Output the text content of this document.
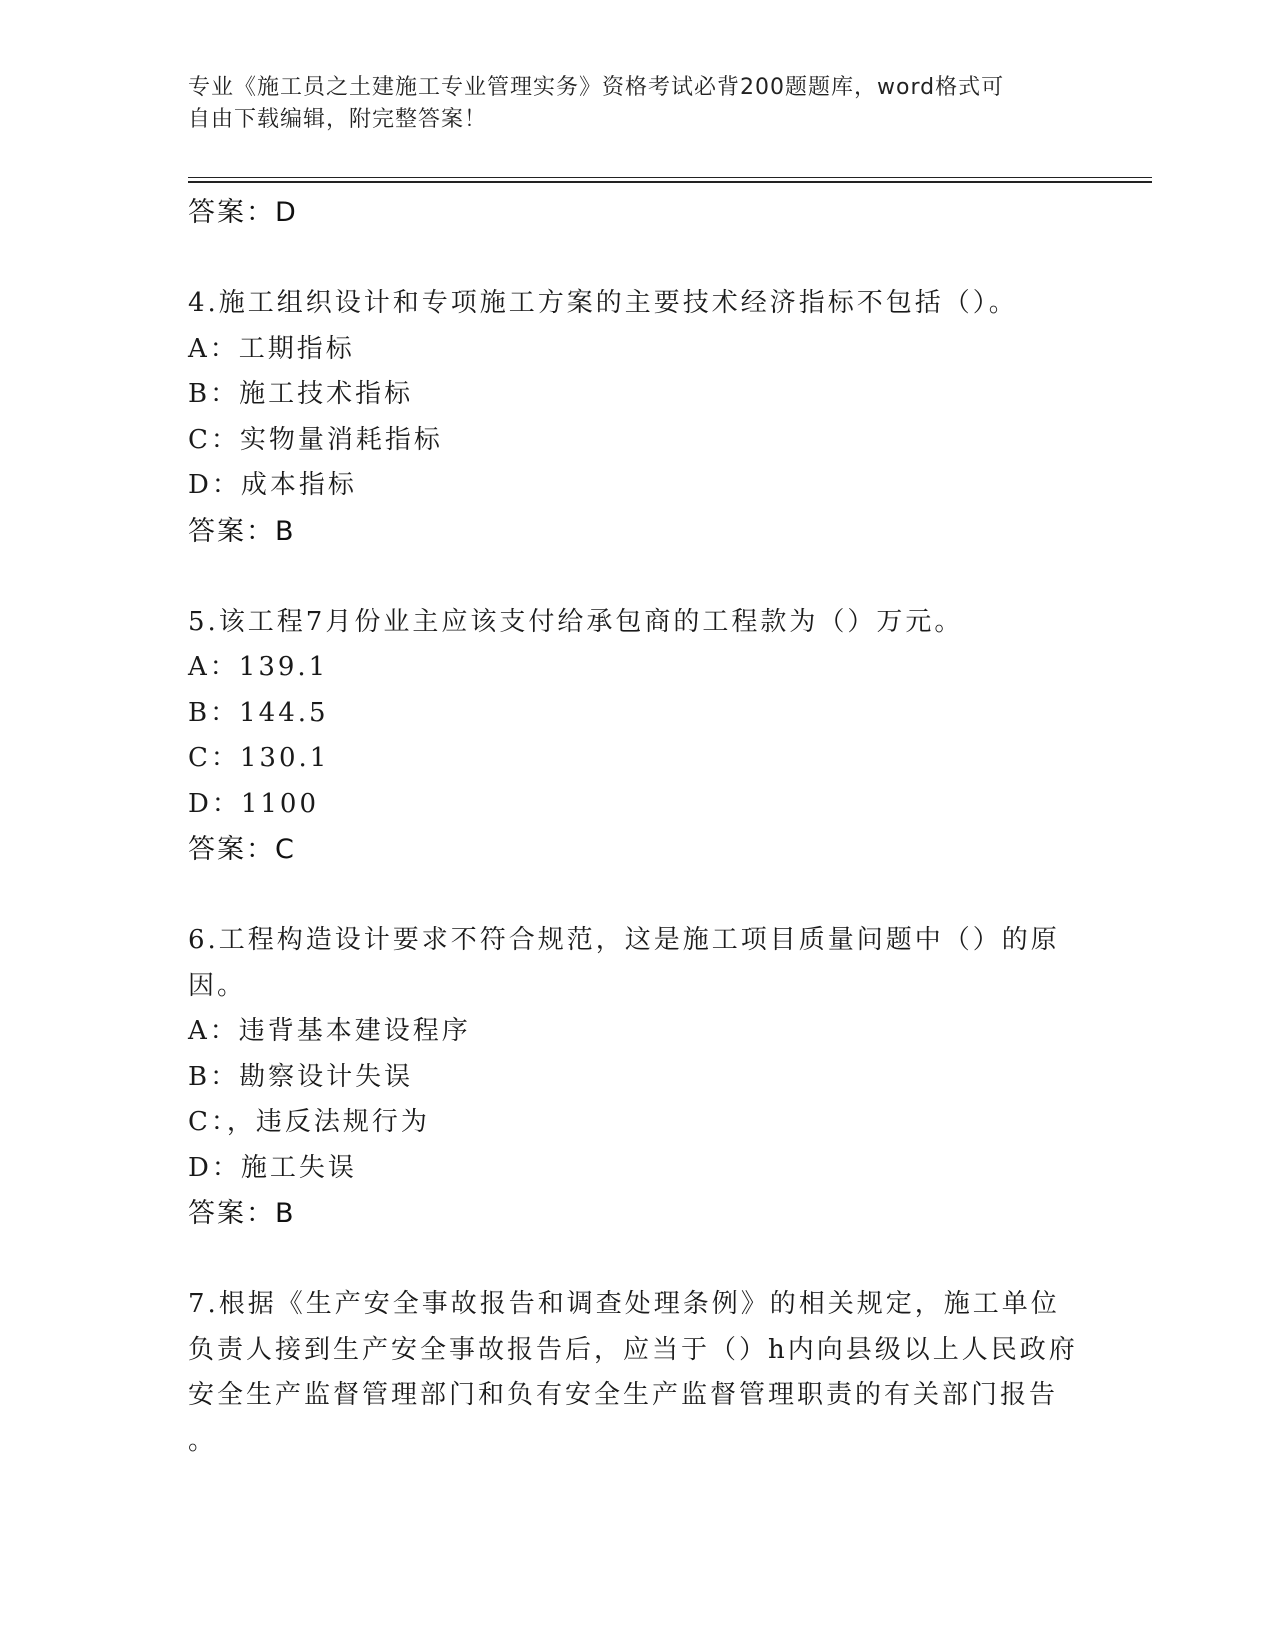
专业《施工员之土建施工专业管理实务》资格考试必背200题题库，word格式可
自由下载编辑，附完整答案！
答案：D
4.施工组织设计和专项施工方案的主要技术经济指标不包括（）。
A：工期指标
B：施工技术指标
C：实物量消耗指标
D：成本指标
答案：B
5.该工程7月份业主应该支付给承包商的工程款为（）万元。
A：139.1
B：144.5
C：130.1
D：1100
答案：C
6.工程构造设计要求不符合规范，这是施工项目质量问题中（）的原
因。
A：违背基本建设程序
B：勘察设计失误
C：，违反法规行为
D：施工失误
答案：B
7.根据《生产安全事故报告和调查处理条例》的相关规定，施工单位
负责人接到生产安全事故报告后，应当于（）h内向县级以上人民政府
安全生产监督管理部门和负有安全生产监督管理职责的有关部门报告
。
